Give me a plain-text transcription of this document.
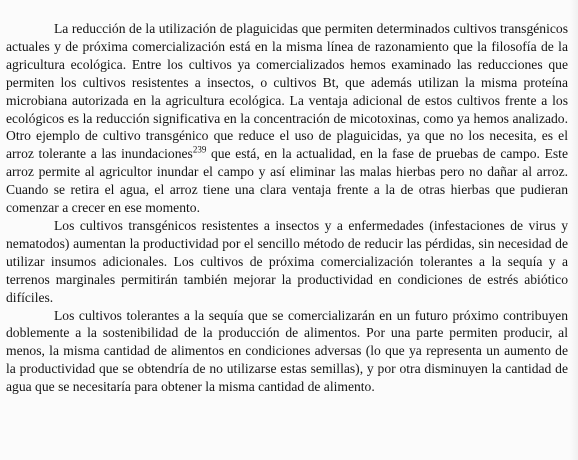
La reducción de la utilización de plaguicidas que permiten determinados cultivos transgénicos actuales y de próxima comercialización está en la misma línea de razonamiento que la filosofía de la agricultura ecológica. Entre los cultivos ya comercializados hemos examinado las reducciones que permiten los cultivos resistentes a insectos, o cultivos Bt, que además utilizan la misma proteína microbiana autorizada en la agricultura ecológica. La ventaja adicional de estos cultivos frente a los ecológicos es la reducción significativa en la concentración de micotoxinas, como ya hemos analizado. Otro ejemplo de cultivo transgénico que reduce el uso de plaguicidas, ya que no los necesita, es el arroz tolerante a las inundaciones$^{239}$ que está, en la actualidad, en la fase de pruebas de campo. Este arroz permite al agricultor inundar el campo y así eliminar las malas hierbas pero no dañar al arroz. Cuando se retira el agua, el arroz tiene una clara ventaja frente a la de otras hierbas que pudieran comenzar a crecer en ese momento.

Los cultivos transgénicos resistentes a insectos y a enfermedades (infestaciones de virus y nematodos) aumentan la productividad por el sencillo método de reducir las pérdidas, sin necesidad de utilizar insumos adicionales. Los cultivos de próxima comercialización tolerantes a la sequía y a terrenos marginales permitirán también mejorar la productividad en condiciones de estrés abiótico difíciles.

Los cultivos tolerantes a la sequía que se comercializarán en un futuro próximo contribuyen doblemente a la sostenibilidad de la producción de alimentos. Por una parte permiten producir, al menos, la misma cantidad de alimentos en condiciones adversas (lo que ya representa un aumento de la productividad que se obtendría de no utilizarse estas semillas), y por otra disminuyen la cantidad de agua que se necesitaría para obtener la misma cantidad de alimento.
